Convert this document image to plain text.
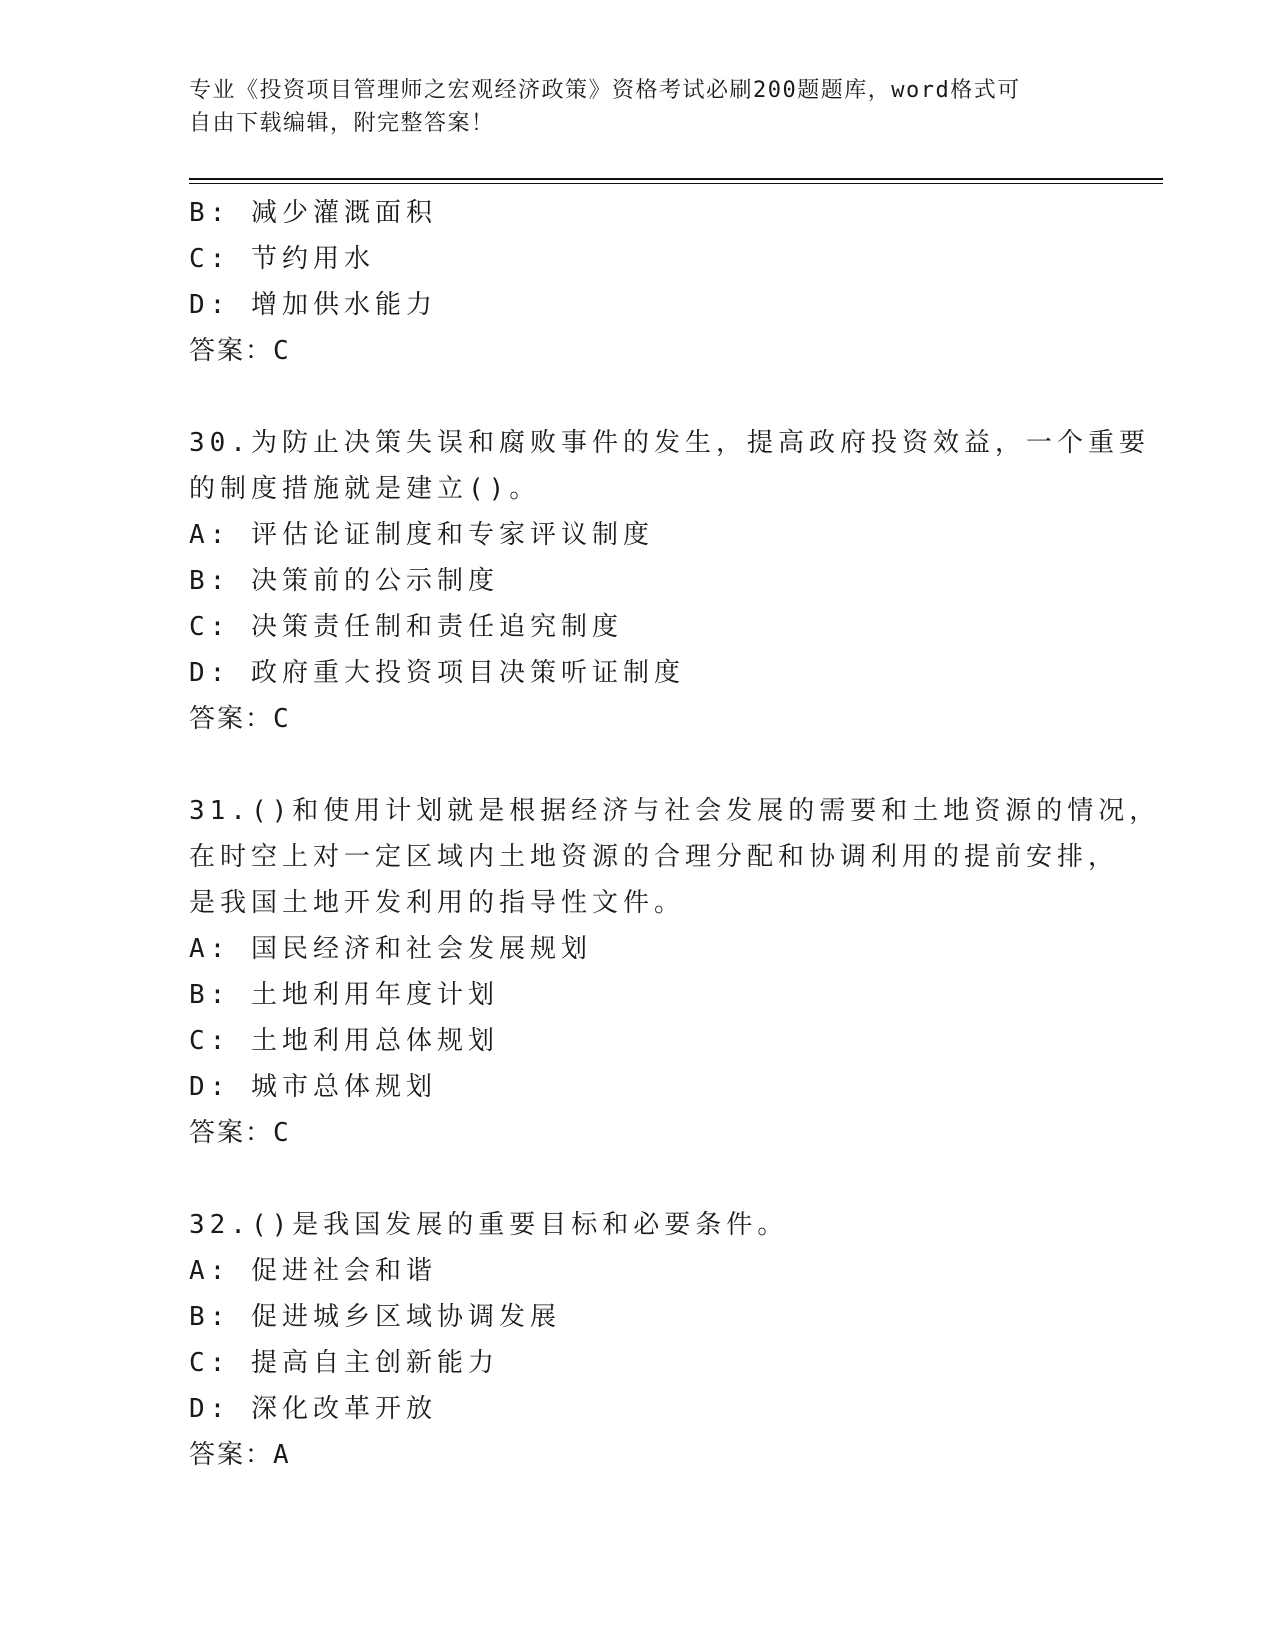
专业《投资项目管理师之宏观经济政策》资格考试必刷200题题库，word格式可
自由下载编辑，附完整答案！
B: 减少灌溉面积
C: 节约用水
D: 增加供水能力
答案：C
30.为防止决策失误和腐败事件的发生，提高政府投资效益，一个重要
的制度措施就是建立()。
A: 评估论证制度和专家评议制度
B: 决策前的公示制度
C: 决策责任制和责任追究制度
D: 政府重大投资项目决策听证制度
答案：C
31.()和使用计划就是根据经济与社会发展的需要和土地资源的情况，
在时空上对一定区域内土地资源的合理分配和协调利用的提前安排，
是我国土地开发利用的指导性文件。
A: 国民经济和社会发展规划
B: 土地利用年度计划
C: 土地利用总体规划
D: 城市总体规划
答案：C
32.()是我国发展的重要目标和必要条件。
A: 促进社会和谐
B: 促进城乡区域协调发展
C: 提高自主创新能力
D: 深化改革开放
答案：A
